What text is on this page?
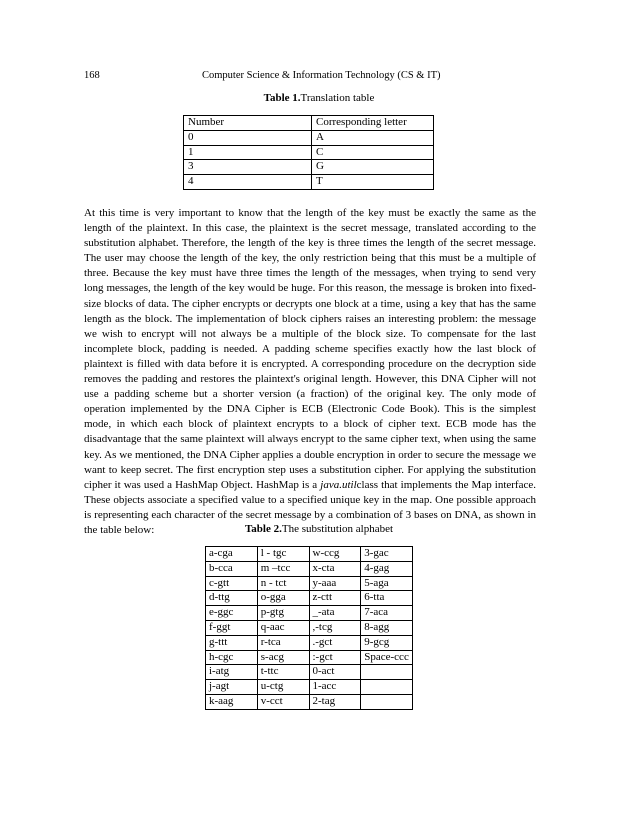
168	Computer Science & Information Technology (CS & IT)
Table 1.Translation table
Number	Corresponding letter
0	A
1	C
3	G
4	T

At this time is very important to know that the length of the key must be exactly the same as the length of the plaintext. In this case, the plaintext is the secret message, translated according to the substitution alphabet. Therefore, the length of the key is three times the length of the secret message. The user may choose the length of the key, the only restriction being that this must be a multiple of three. Because the key must have three times the length of the messages, when trying to send very long messages, the length of the key would be huge. For this reason, the message is broken into fixed-size blocks of data. The cipher encrypts or decrypts one block at a time, using a key that has the same length as the block. The implementation of block ciphers raises an interesting problem: the message we wish to encrypt will not always be a multiple of the block size. To compensate for the last incomplete block, padding is needed. A padding scheme specifies exactly how the last block of plaintext is filled with data before it is encrypted. A corresponding procedure on the decryption side removes the padding and restores the plaintext's original length. However, this DNA Cipher will not use a padding scheme but a shorter version (a fraction) of the original key. The only mode of operation implemented by the DNA Cipher is ECB (Electronic Code Book). This is the simplest mode, in which each block of plaintext encrypts to a block of cipher text. ECB mode has the disadvantage that the same plaintext will always encrypt to the same cipher text, when using the same key. As we mentioned, the DNA Cipher applies a double encryption in order to secure the message we want to keep secret. The first encryption step uses a substitution cipher. For applying the substitution cipher it was used a HashMap Object. HashMap is a java.utilclass that implements the Map interface. These objects associate a specified value to a specified unique key in the map. One possible approach is representing each character of the secret message by a combination of 3 bases on DNA, as shown in the table below:	Table 2.The substitution alphabet
a-cga	l - tgc	w-ccg	3-gac
b-cca	m –tcc	x-cta	4-gag
c-gtt	n - tct	y-aaa	5-aga
d-ttg	o-gga	z-ctt	6-tta
e-ggc	p-gtg	_-ata	7-aca
f-ggt	q-aac	,-tcg	8-agg
g-ttt	r-tca	.-gct	9-gcg
h-cgc	s-acg	:-gct	Space-ccc
i-atg	t-ttc	0-act	
j-agt	u-ctg	1-acc	
k-aag	v-cct	2-tag	
